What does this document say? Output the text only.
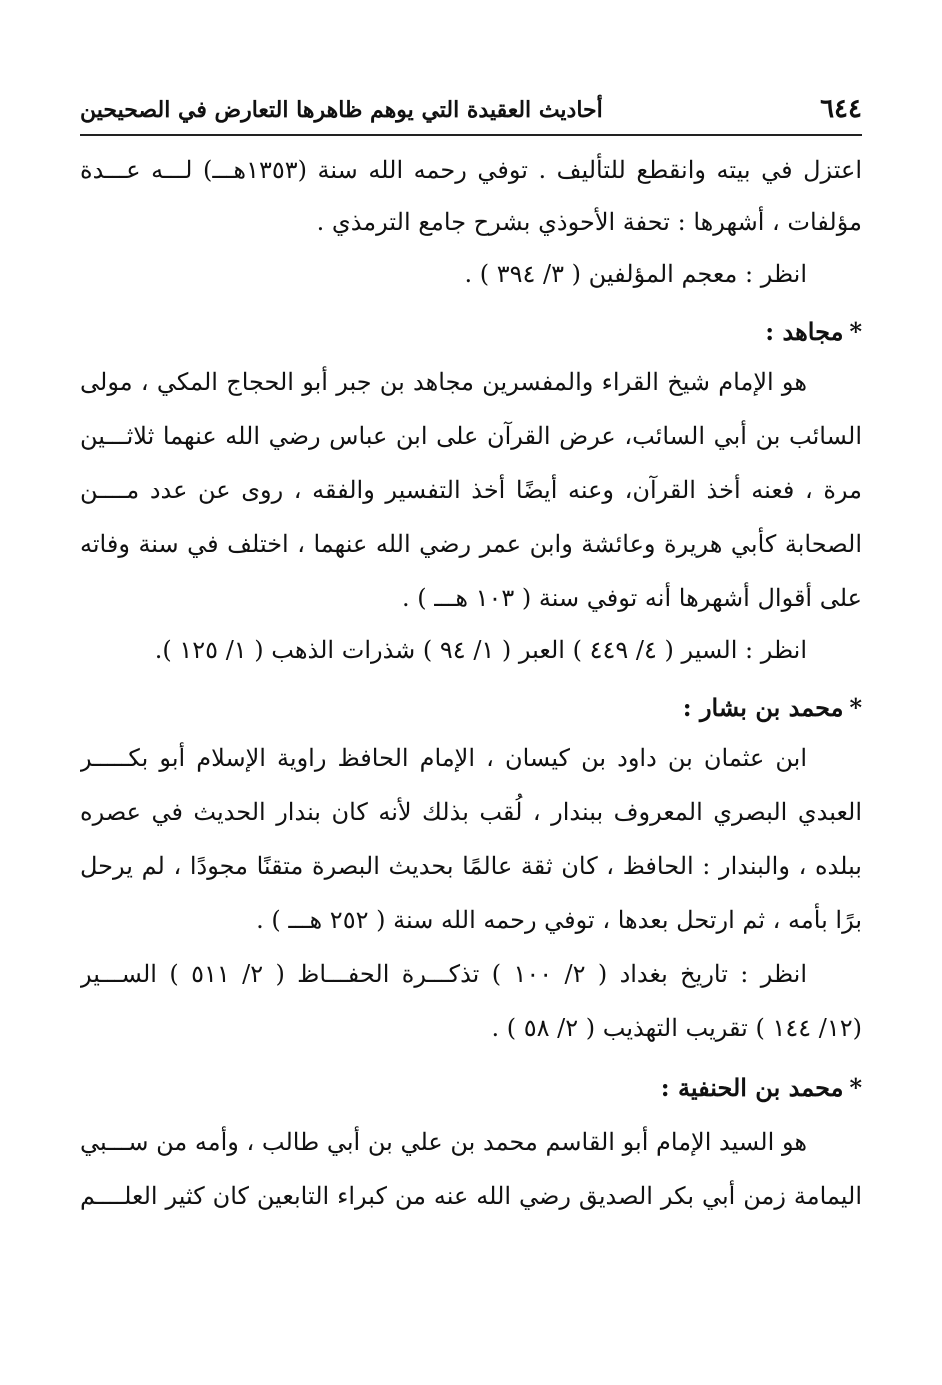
٦٤٤
أحاديث العقيدة التي يوهم ظاهرها التعارض في الصحيحين
اعتزل في بيته وانقطع للتأليف . توفي رحمه الله سنة (١٣٥٣هـــ) لـــه عـــدة
مؤلفات ، أشهرها : تحفة الأحوذي بشرح جامع الترمذي .
انظر : معجم المؤلفين ( ٣/ ٣٩٤ ) .
*مجاهد :
هو الإمام شيخ القراء والمفسرين مجاهد بن جبر أبو الحجاج المكي ، مولى
السائب بن أبي السائب، عرض القرآن على ابن عباس رضي الله عنهما ثلاثـــين
مرة ، فعنه أخذ القرآن، وعنه أيضًا أخذ التفسير والفقه ، روى عن عدد مــــن
الصحابة كأبي هريرة وعائشة وابن عمر رضي الله عنهما ، اختلف في سنة وفاته
على أقوال أشهرها أنه توفي سنة ( ١٠٣ هـــ ) .
انظر : السير ( ٤/ ٤٤٩ ) العبر ( ١/ ٩٤ ) شذرات الذهب ( ١/ ١٢٥ ).
*محمد بن بشار :
ابن عثمان بن داود بن كيسان ، الإمام الحافظ راوية الإسلام أبو بكـــــر
العبدي البصري المعروف ببندار ، لُقب بذلك لأنه كان بندار الحديث في عصره
ببلده ، والبندار : الحافظ ، كان ثقة عالمًا بحديث البصرة متقنًا مجودًا ، لم يرحل
برًا بأمه ، ثم ارتحل بعدها ، توفي رحمه الله سنة ( ٢٥٢ هـــ ) .
انظر : تاريخ بغداد ( ٢/ ١٠٠ ) تذكـــرة الحفـــاظ ( ٢/ ٥١١ ) الســـير
(١٢/ ١٤٤ ) تقريب التهذيب ( ٢/ ٥٨ ) .
*محمد بن الحنفية :
هو السيد الإمام أبو القاسم محمد بن علي بن أبي طالب ، وأمه من ســـبي
اليمامة زمن أبي بكر الصديق رضي الله عنه من كبراء التابعين كان كثير العلــــم
